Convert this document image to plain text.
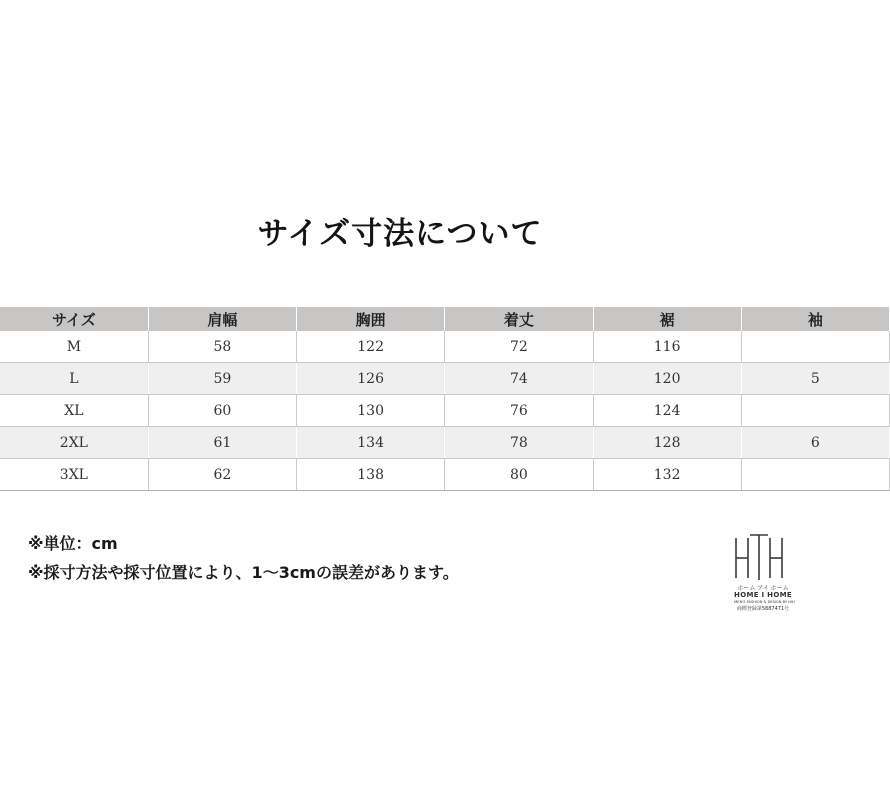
サイズ寸法について
サイズ	肩幅	胸囲	着丈	裾	袖
M	58	122	72	116	
L	59	126	74	120	5
XL	60	130	76	124	
2XL	61	134	78	128	6
3XL	62	138	80	132	
※単位：cm
※採寸方法や採寸位置により、1～3cmの誤差があります。
ホーム アイ ホーム
HOME I HOME
MEN'S FASHION & DESIGN BY HIH
商標登録第5887471号
